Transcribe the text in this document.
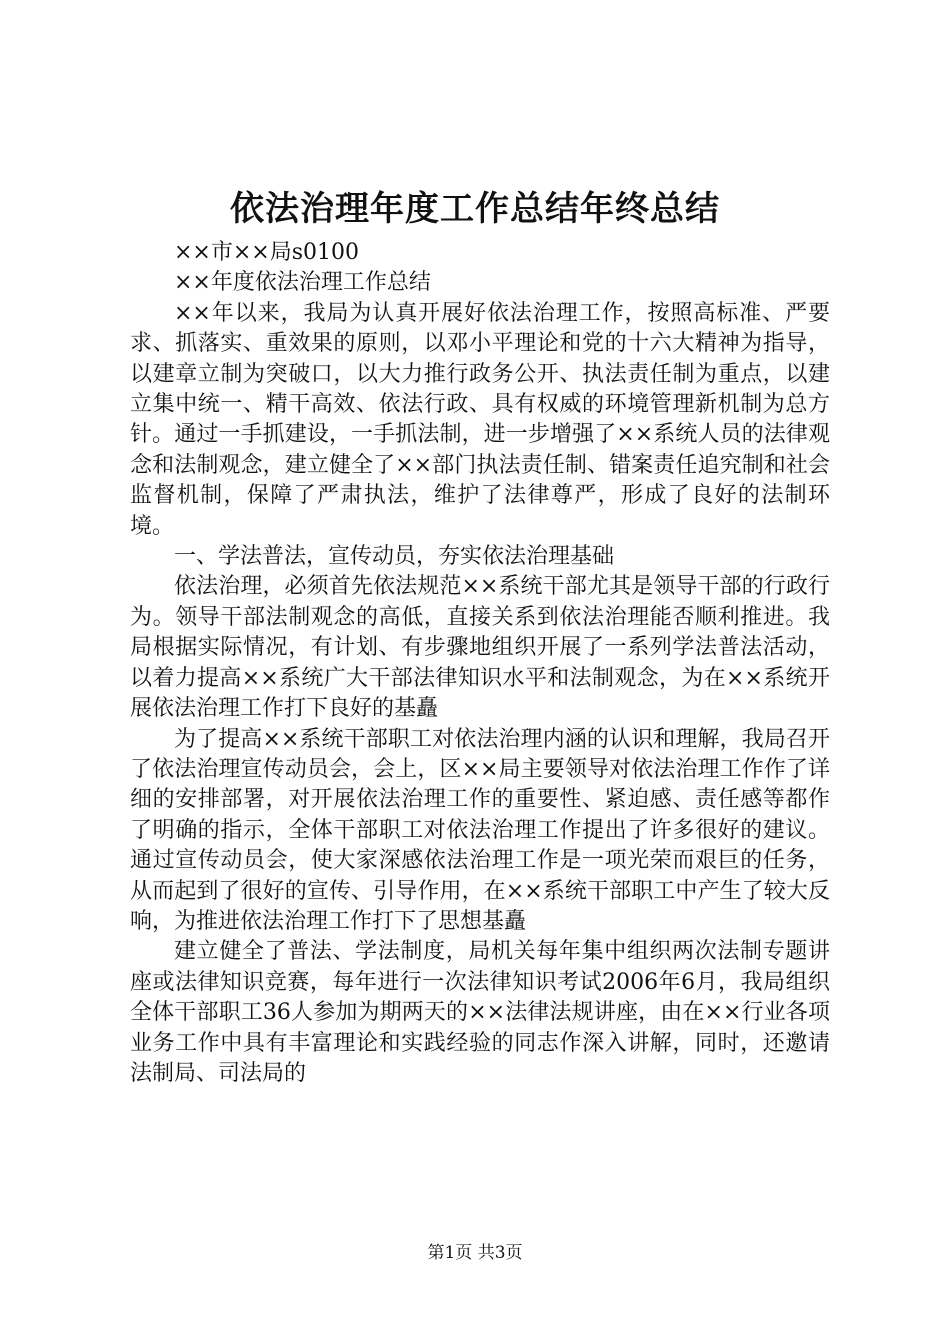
依法治理年度工作总结年终总结

××市××局s0100

××年度依法治理工作总结

××年以来，我局为认真开展好依法治理工作，按照高标准、严要求、抓落实、重效果的原则，以邓小平理论和党的十六大精神为指导，以建章立制为突破口，以大力推行政务公开、执法责任制为重点，以建立集中统一、精干高效、依法行政、具有权威的环境管理新机制为总方针。通过一手抓建设，一手抓法制，进一步增强了××系统人员的法律观念和法制观念，建立健全了××部门执法责任制、错案责任追究制和社会监督机制，保障了严肃执法，维护了法律尊严，形成了良好的法制环境。

一、学法普法，宣传动员，夯实依法治理基础

依法治理，必须首先依法规范××系统干部尤其是领导干部的行政行为。领导干部法制观念的高低，直接关系到依法治理能否顺利推进。我局根据实际情况，有计划、有步骤地组织开展了一系列学法普法活动，以着力提高××系统广大干部法律知识水平和法制观念，为在××系统开展依法治理工作打下良好的基矗

为了提高××系统干部职工对依法治理内涵的认识和理解，我局召开了依法治理宣传动员会，会上，区××局主要领导对依法治理工作作了详细的安排部署，对开展依法治理工作的重要性、紧迫感、责任感等都作了明确的指示，全体干部职工对依法治理工作提出了许多很好的建议。通过宣传动员会，使大家深感依法治理工作是一项光荣而艰巨的任务，从而起到了很好的宣传、引导作用，在××系统干部职工中产生了较大反响，为推进依法治理工作打下了思想基矗

建立健全了普法、学法制度，局机关每年集中组织两次法制专题讲座或法律知识竞赛，每年进行一次法律知识考试2006年6月，我局组织全体干部职工36人参加为期两天的××法律法规讲座，由在××行业各项业务工作中具有丰富理论和实践经验的同志作深入讲解，同时，还邀请法制局、司法局的

第1页 共3页
